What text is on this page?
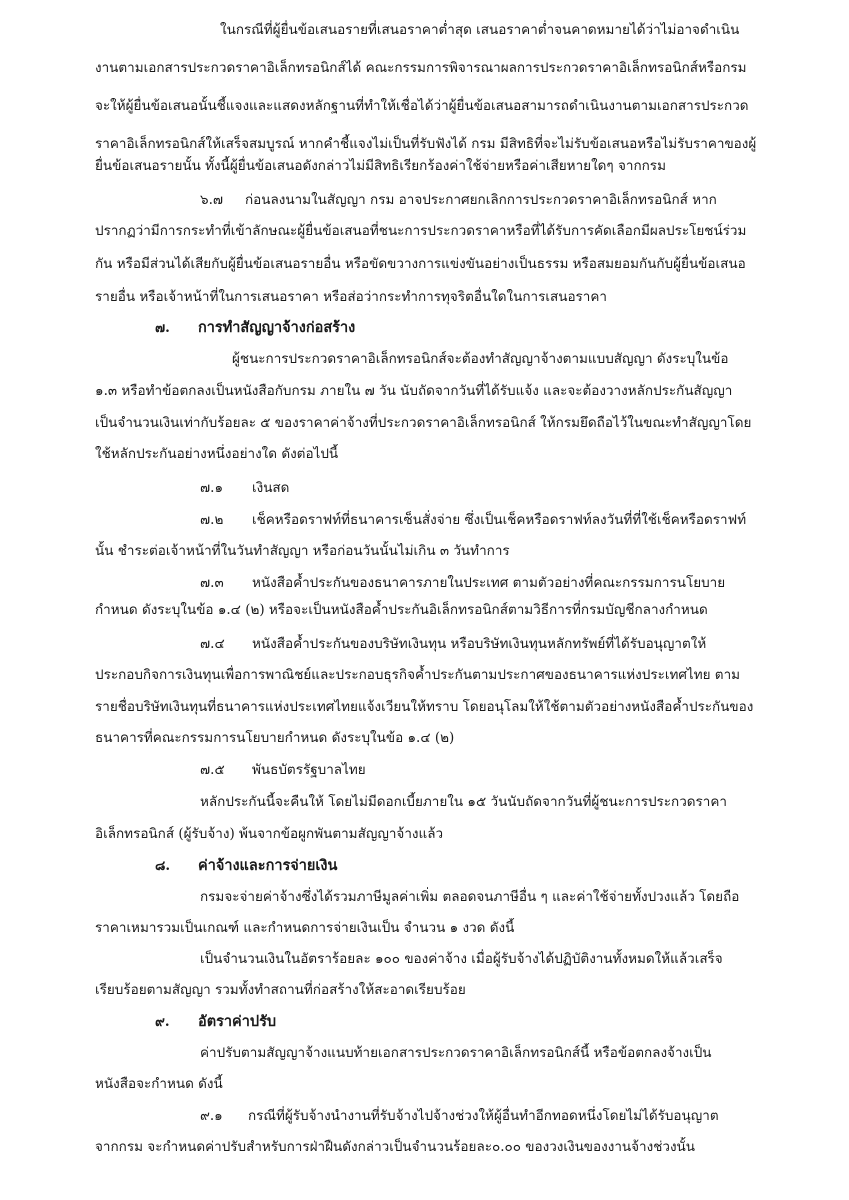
ในกรณีที่ผู้ยื่นข้อเสนอรายที่เสนอราคาต่ำสุด เสนอราคาต่ำจนคาดหมายได้ว่าไม่อาจดำเนิน
งานตามเอกสารประกวดราคาอิเล็กทรอนิกส์ได้ คณะกรรมการพิจารณาผลการประกวดราคาอิเล็กทรอนิกส์หรือกรม
จะให้ผู้ยื่นข้อเสนอนั้นชี้แจงและแสดงหลักฐานที่ทำให้เชื่อได้ว่าผู้ยื่นข้อเสนอสามารถดำเนินงานตามเอกสารประกวด
ราคาอิเล็กทรอนิกส์ให้เสร็จสมบูรณ์ หากคำชี้แจงไม่เป็นที่รับฟังได้ กรม มีสิทธิที่จะไม่รับข้อเสนอหรือไม่รับราคาของผู้
ยื่นข้อเสนอรายนั้น ทั้งนี้ผู้ยื่นข้อเสนอดังกล่าวไม่มีสิทธิเรียกร้องค่าใช้จ่ายหรือค่าเสียหายใดๆ จากกรม
๖.๗ ก่อนลงนามในสัญญา กรม อาจประกาศยกเลิกการประกวดราคาอิเล็กทรอนิกส์ หาก
ปรากฏว่ามีการกระทำที่เข้าลักษณะผู้ยื่นข้อเสนอที่ชนะการประกวดราคาหรือที่ได้รับการคัดเลือกมีผลประโยชน์ร่วม
กัน หรือมีส่วนได้เสียกับผู้ยื่นข้อเสนอรายอื่น หรือขัดขวางการแข่งขันอย่างเป็นธรรม หรือสมยอมกันกับผู้ยื่นข้อเสนอ
รายอื่น หรือเจ้าหน้าที่ในการเสนอราคา หรือส่อว่ากระทำการทุจริตอื่นใดในการเสนอราคา
๗. การทำสัญญาจ้างก่อสร้าง
ผู้ชนะการประกวดราคาอิเล็กทรอนิกส์จะต้องทำสัญญาจ้างตามแบบสัญญา ดังระบุในข้อ
๑.๓ หรือทำข้อตกลงเป็นหนังสือกับกรม ภายใน ๗ วัน นับถัดจากวันที่ได้รับแจ้ง และจะต้องวางหลักประกันสัญญา
เป็นจำนวนเงินเท่ากับร้อยละ ๕ ของราคาค่าจ้างที่ประกวดราคาอิเล็กทรอนิกส์ ให้กรมยึดถือไว้ในขณะทำสัญญาโดย
ใช้หลักประกันอย่างหนึ่งอย่างใด ดังต่อไปนี้
๗.๑ เงินสด
๗.๒ เช็คหรือดราฟท์ที่ธนาคารเซ็นสั่งจ่าย ซึ่งเป็นเช็คหรือดราฟท์ลงวันที่ที่ใช้เช็คหรือดราฟท์
นั้น ชำระต่อเจ้าหน้าที่ในวันทำสัญญา หรือก่อนวันนั้นไม่เกิน ๓ วันทำการ
๗.๓ หนังสือค้ำประกันของธนาคารภายในประเทศ ตามตัวอย่างที่คณะกรรมการนโยบาย
กำหนด ดังระบุในข้อ ๑.๔ (๒) หรือจะเป็นหนังสือค้ำประกันอิเล็กทรอนิกส์ตามวิธีการที่กรมบัญชีกลางกำหนด
๗.๔ หนังสือค้ำประกันของบริษัทเงินทุน หรือบริษัทเงินทุนหลักทรัพย์ที่ได้รับอนุญาตให้
ประกอบกิจการเงินทุนเพื่อการพาณิชย์และประกอบธุรกิจค้ำประกันตามประกาศของธนาคารแห่งประเทศไทย ตาม
รายชื่อบริษัทเงินทุนที่ธนาคารแห่งประเทศไทยแจ้งเวียนให้ทราบ โดยอนุโลมให้ใช้ตามตัวอย่างหนังสือค้ำประกันของ
ธนาคารที่คณะกรรมการนโยบายกำหนด ดังระบุในข้อ ๑.๔ (๒)
๗.๕ พันธบัตรรัฐบาลไทย
หลักประกันนี้จะคืนให้ โดยไม่มีดอกเบี้ยภายใน ๑๕ วันนับถัดจากวันที่ผู้ชนะการประกวดราคา
อิเล็กทรอนิกส์ (ผู้รับจ้าง) พ้นจากข้อผูกพันตามสัญญาจ้างแล้ว
๘. ค่าจ้างและการจ่ายเงิน
กรมจะจ่ายค่าจ้างซึ่งได้รวมภาษีมูลค่าเพิ่ม ตลอดจนภาษีอื่น ๆ และค่าใช้จ่ายทั้งปวงแล้ว โดยถือ
ราคาเหมารวมเป็นเกณฑ์ และกำหนดการจ่ายเงินเป็น จำนวน ๑ งวด ดังนี้
เป็นจำนวนเงินในอัตราร้อยละ ๑๐๐ ของค่าจ้าง เมื่อผู้รับจ้างได้ปฏิบัติงานทั้งหมดให้แล้วเสร็จ
เรียบร้อยตามสัญญา รวมทั้งทำสถานที่ก่อสร้างให้สะอาดเรียบร้อย
๙. อัตราค่าปรับ
ค่าปรับตามสัญญาจ้างแนบท้ายเอกสารประกวดราคาอิเล็กทรอนิกส์นี้ หรือข้อตกลงจ้างเป็น
หนังสือจะกำหนด ดังนี้
๙.๑ กรณีที่ผู้รับจ้างนำงานที่รับจ้างไปจ้างช่วงให้ผู้อื่นทำอีกทอดหนึ่งโดยไม่ได้รับอนุญาต
จากกรม จะกำหนดค่าปรับสำหรับการฝ่าฝืนดังกล่าวเป็นจำนวนร้อยละ๐.๐๐ ของวงเงินของงานจ้างช่วงนั้น
